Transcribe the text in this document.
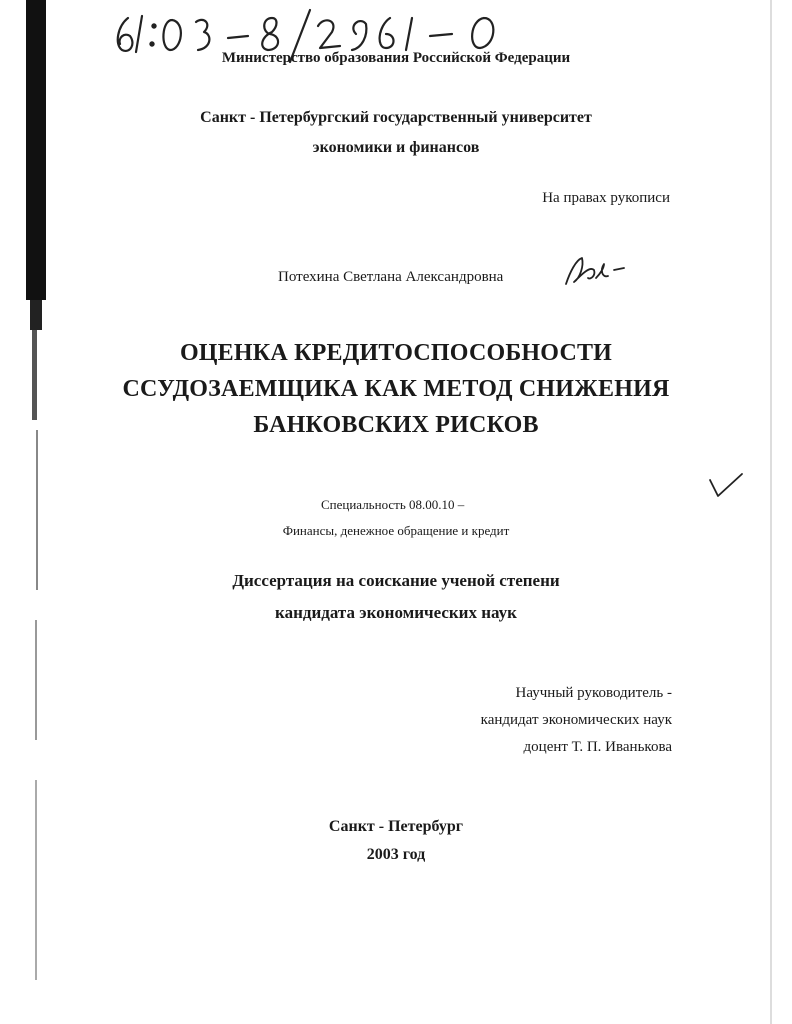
Министерство образования Российской Федерации
Санкт - Петербургский государственный университет
экономики и финансов
На правах рукописи
Потехина Светлана Александровна
ОЦЕНКА КРЕДИТОСПОСОБНОСТИ
ССУДОЗАЕМЩИКА КАК МЕТОД СНИЖЕНИЯ
БАНКОВСКИХ РИСКОВ
Специальность 08.00.10 –
Финансы, денежное обращение и кредит
Диссертация на соискание ученой степени
кандидата экономических наук
Научный руководитель -
кандидат экономических наук
доцент Т. П. Иванькова
Санкт - Петербург
2003 год
